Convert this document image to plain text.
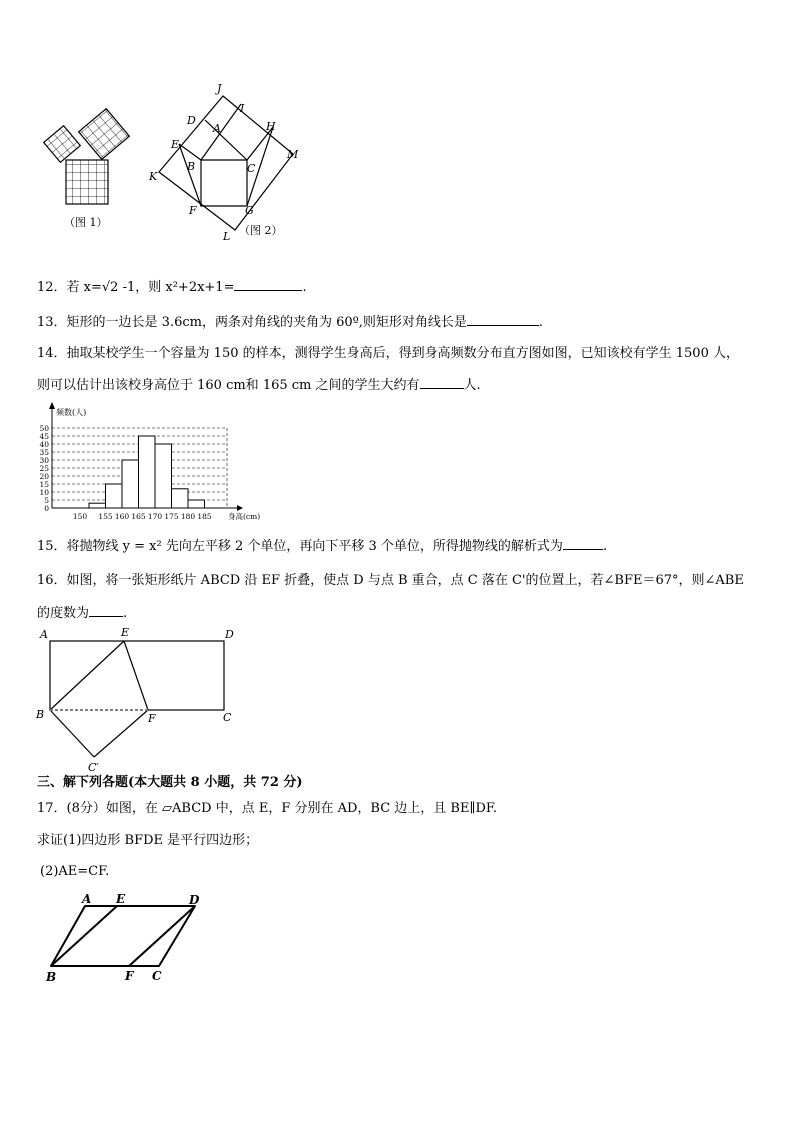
（图 1）
J
I
D
A	H
E
M
C
B
K
F	G
L （图 2）
12．若 x=√2 -1，则 x²+2x+1=	.
13．矩形的一边长是 3.6cm，两条对角线的夹角为 60º,则矩形对角线长是	.
14．抽取某校学生一个容量为 150 的样本，测得学生身高后，得到身高频数分布直方图如图，已知该校有学生 1500 人，
则可以估计出该校身高位于 160 cm和 165 cm 之间的学生大约有	人.
0
5
10
15
20
25
30
35
40
45
50
150 155 160 165 170 175 180 185 身高(cm)
频数(人)
15．将抛物线 y = x² 先向左平移 2 个单位，再向下平移 3 个单位，所得抛物线的解析式为	.
16．如图，将一张矩形纸片 ABCD 沿 EF 折叠，使点 D 与点 B 重合，点 C 落在 C'的位置上，若∠BFE＝67°，则∠ABE
的度数为	.
A	E	D
B	F	C
C′
三、解下列各题(本大题共 8 小题，共 72 分)
17．(8分）如图，在 ▱ABCD 中，点 E，F 分别在 AD，BC 边上，且 BE∥DF.
求证(1)四边形 BFDE 是平行四边形；
(2)AE=CF.
A E	D
B	F C
